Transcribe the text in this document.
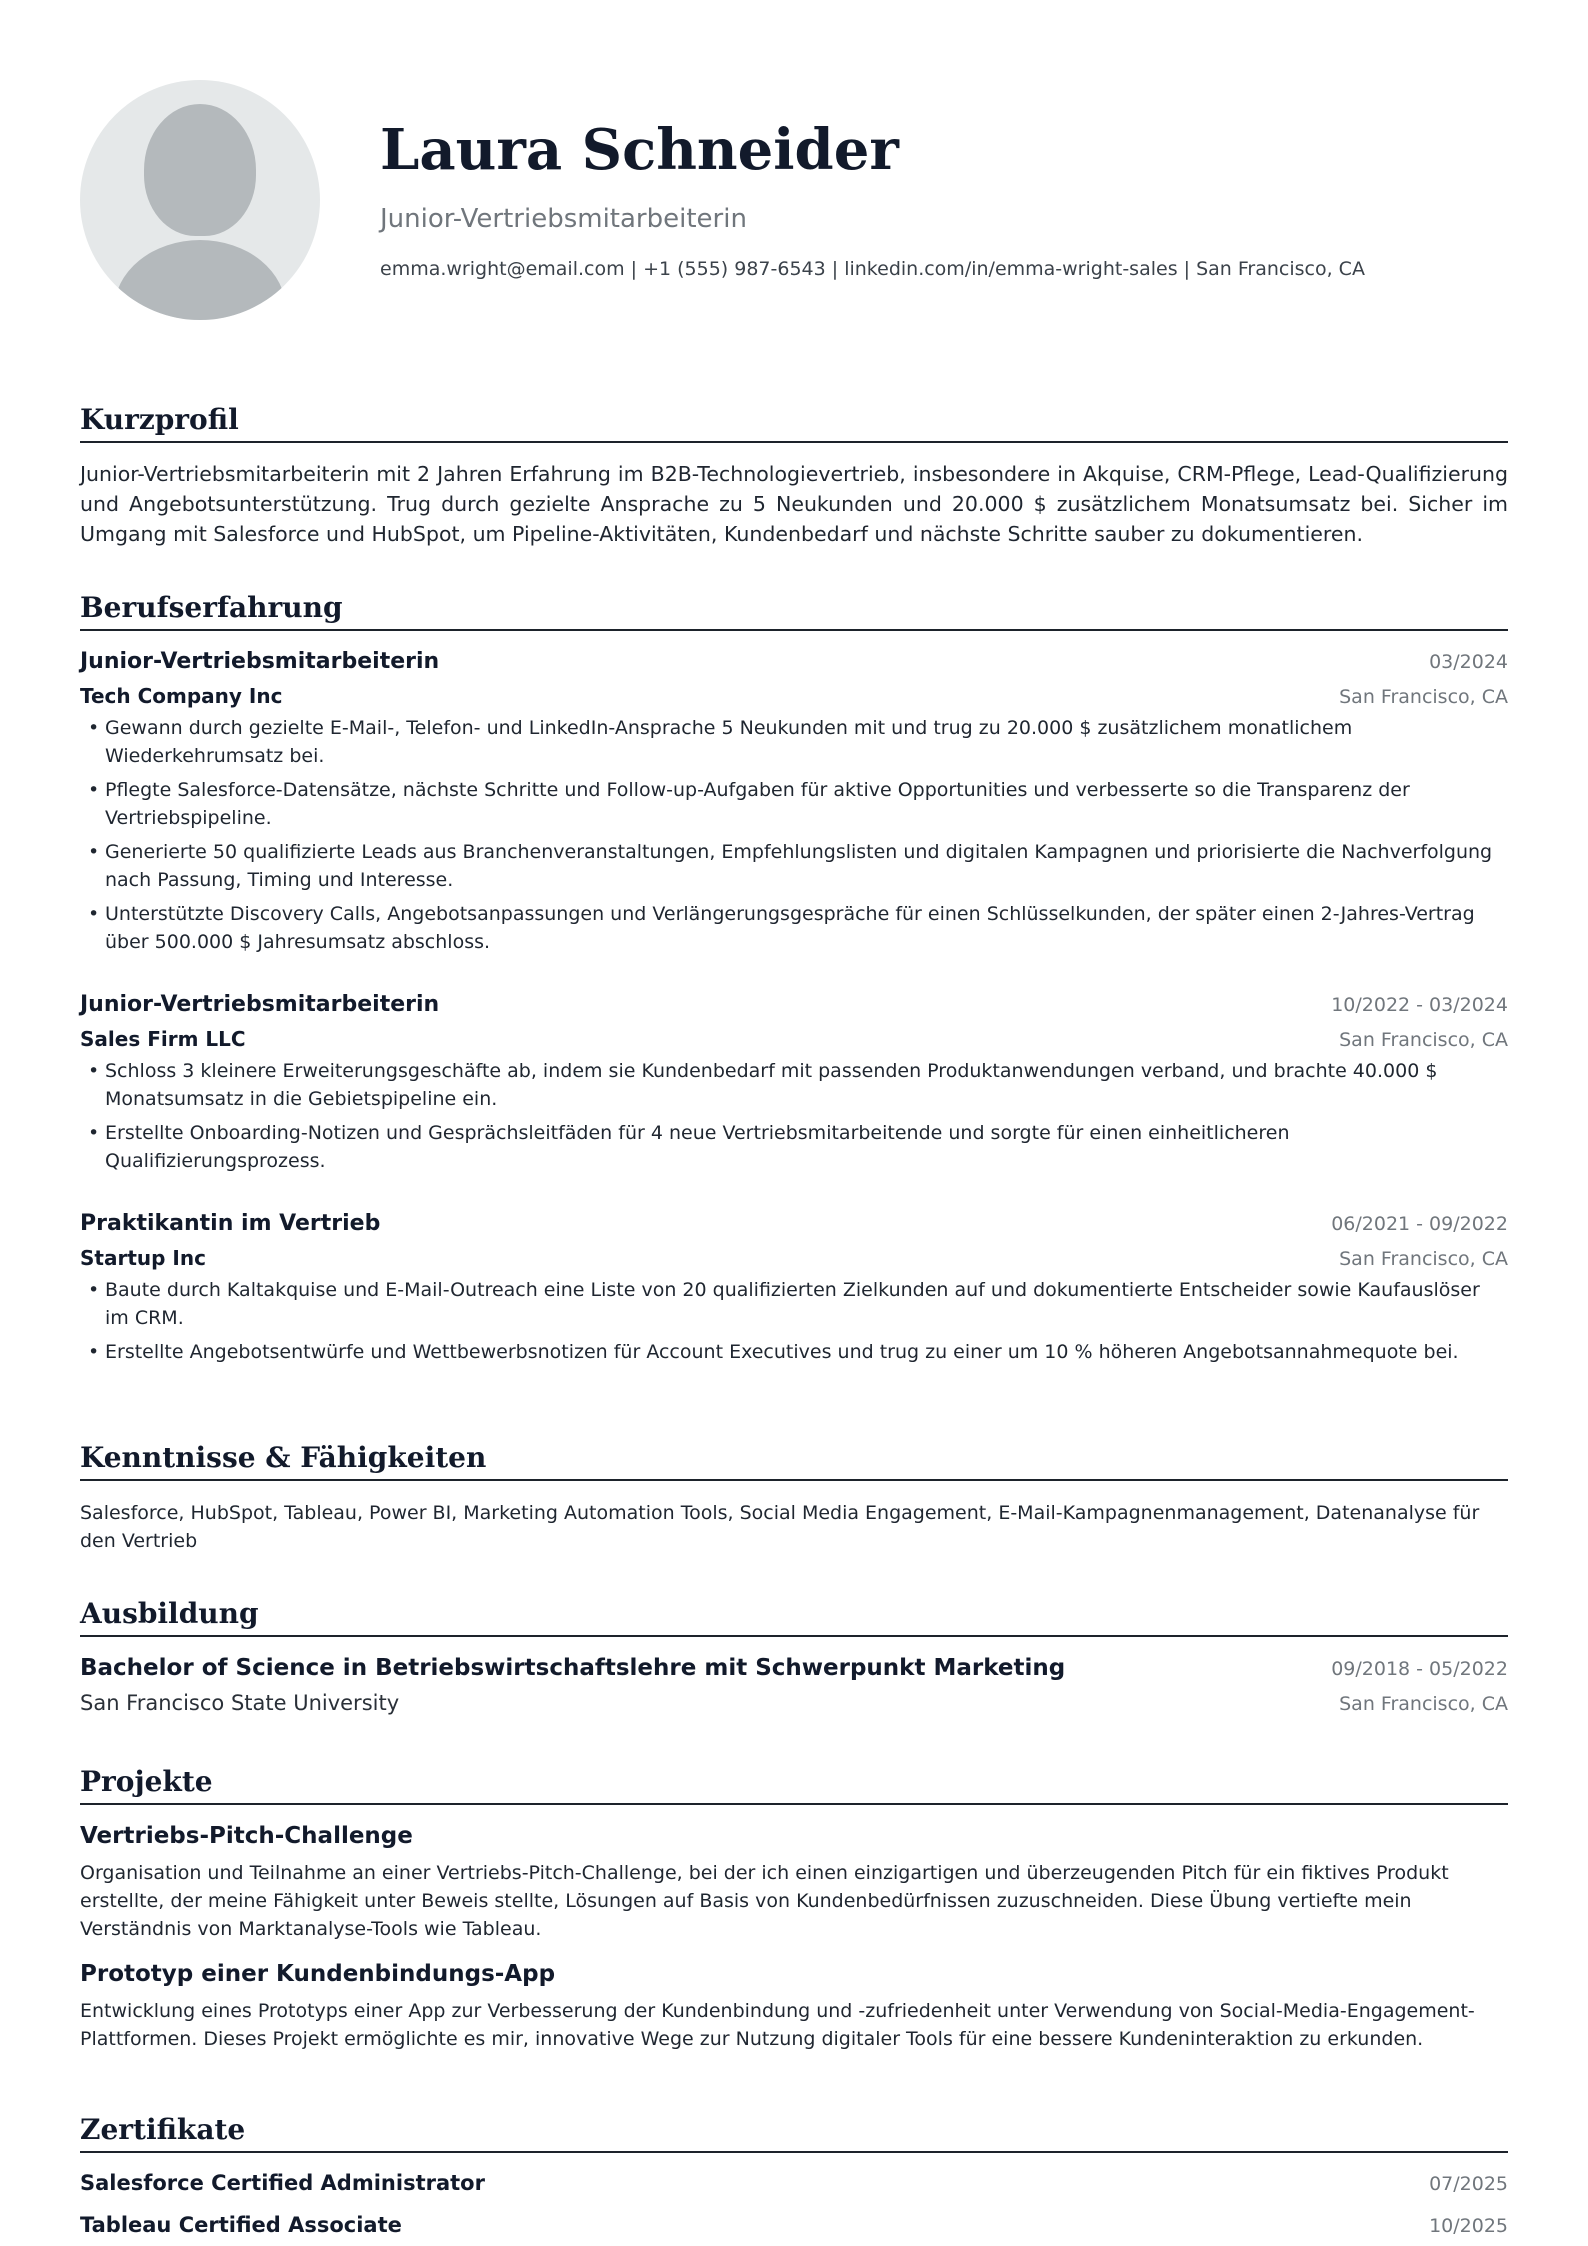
Laura Schneider
Junior-Vertriebsmitarbeiterin
emma.wright@email.com | +1 (555) 987-6543 | linkedin.com/in/emma-wright-sales | San Francisco, CA
Kurzprofil

Junior-Vertriebsmitarbeiterin mit 2 Jahren Erfahrung im B2B-Technologievertrieb, insbesondere in Akquise, CRM-Pflege, Lead-Qualifizierung und Angebotsunterstützung. Trug durch gezielte Ansprache zu 5 Neukunden und 20.000 $ zusätzlichem Monatsumsatz bei. Sicher im Umgang mit Salesforce und HubSpot, um Pipeline-Aktivitäten, Kundenbedarf und nächste Schritte sauber zu dokumentieren.

Berufserfahrung
Junior-Vertriebsmitarbeiterin	03/2024
Tech Company Inc	San Francisco, CA
• Gewann durch gezielte E-Mail-, Telefon- und LinkedIn-Ansprache 5 Neukunden mit und trug zu 20.000 $ zusätzlichem monatlichem Wiederkehrumsatz bei.
• Pflegte Salesforce-Datensätze, nächste Schritte und Follow-up-Aufgaben für aktive Opportunities und verbesserte so die Transparenz der Vertriebspipeline.
• Generierte 50 qualifizierte Leads aus Branchenveranstaltungen, Empfehlungslisten und digitalen Kampagnen und priorisierte die Nachverfolgung nach Passung, Timing und Interesse.
• Unterstützte Discovery Calls, Angebotsanpassungen und Verlängerungsgespräche für einen Schlüsselkunden, der später einen 2-Jahres-Vertrag über 500.000 $ Jahresumsatz abschloss.
Junior-Vertriebsmitarbeiterin	10/2022 - 03/2024
Sales Firm LLC	San Francisco, CA
• Schloss 3 kleinere Erweiterungsgeschäfte ab, indem sie Kundenbedarf mit passenden Produktanwendungen verband, und brachte 40.000 $ Monatsumsatz in die Gebietspipeline ein.
• Erstellte Onboarding-Notizen und Gesprächsleitfäden für 4 neue Vertriebsmitarbeitende und sorgte für einen einheitlicheren Qualifizierungsprozess.
Praktikantin im Vertrieb	06/2021 - 09/2022
Startup Inc	San Francisco, CA
• Baute durch Kaltakquise und E-Mail-Outreach eine Liste von 20 qualifizierten Zielkunden auf und dokumentierte Entscheider sowie Kaufauslöser im CRM.
• Erstellte Angebotsentwürfe und Wettbewerbsnotizen für Account Executives und trug zu einer um 10 % höheren Angebotsannahmequote bei.
Kenntnisse & Fähigkeiten

Salesforce, HubSpot, Tableau, Power BI, Marketing Automation Tools, Social Media Engagement, E-Mail-Kampagnenmanagement, Datenanalyse für den Vertrieb

Ausbildung
Bachelor of Science in Betriebswirtschaftslehre mit Schwerpunkt Marketing	09/2018 - 05/2022
San Francisco State University	San Francisco, CA
Projekte
Vertriebs-Pitch-Challenge

Organisation und Teilnahme an einer Vertriebs-Pitch-Challenge, bei der ich einen einzigartigen und überzeugenden Pitch für ein fiktives Produkt erstellte, der meine Fähigkeit unter Beweis stellte, Lösungen auf Basis von Kundenbedürfnissen zuzuschneiden. Diese Übung vertiefte mein Verständnis von Marktanalyse-Tools wie Tableau.

Prototyp einer Kundenbindungs-App

Entwicklung eines Prototyps einer App zur Verbesserung der Kundenbindung und -zufriedenheit unter Verwendung von Social-Media-Engagement-Plattformen. Dieses Projekt ermöglichte es mir, innovative Wege zur Nutzung digitaler Tools für eine bessere Kundeninteraktion zu erkunden.

Zertifikate
Salesforce Certified Administrator	07/2025
Tableau Certified Associate	10/2025
